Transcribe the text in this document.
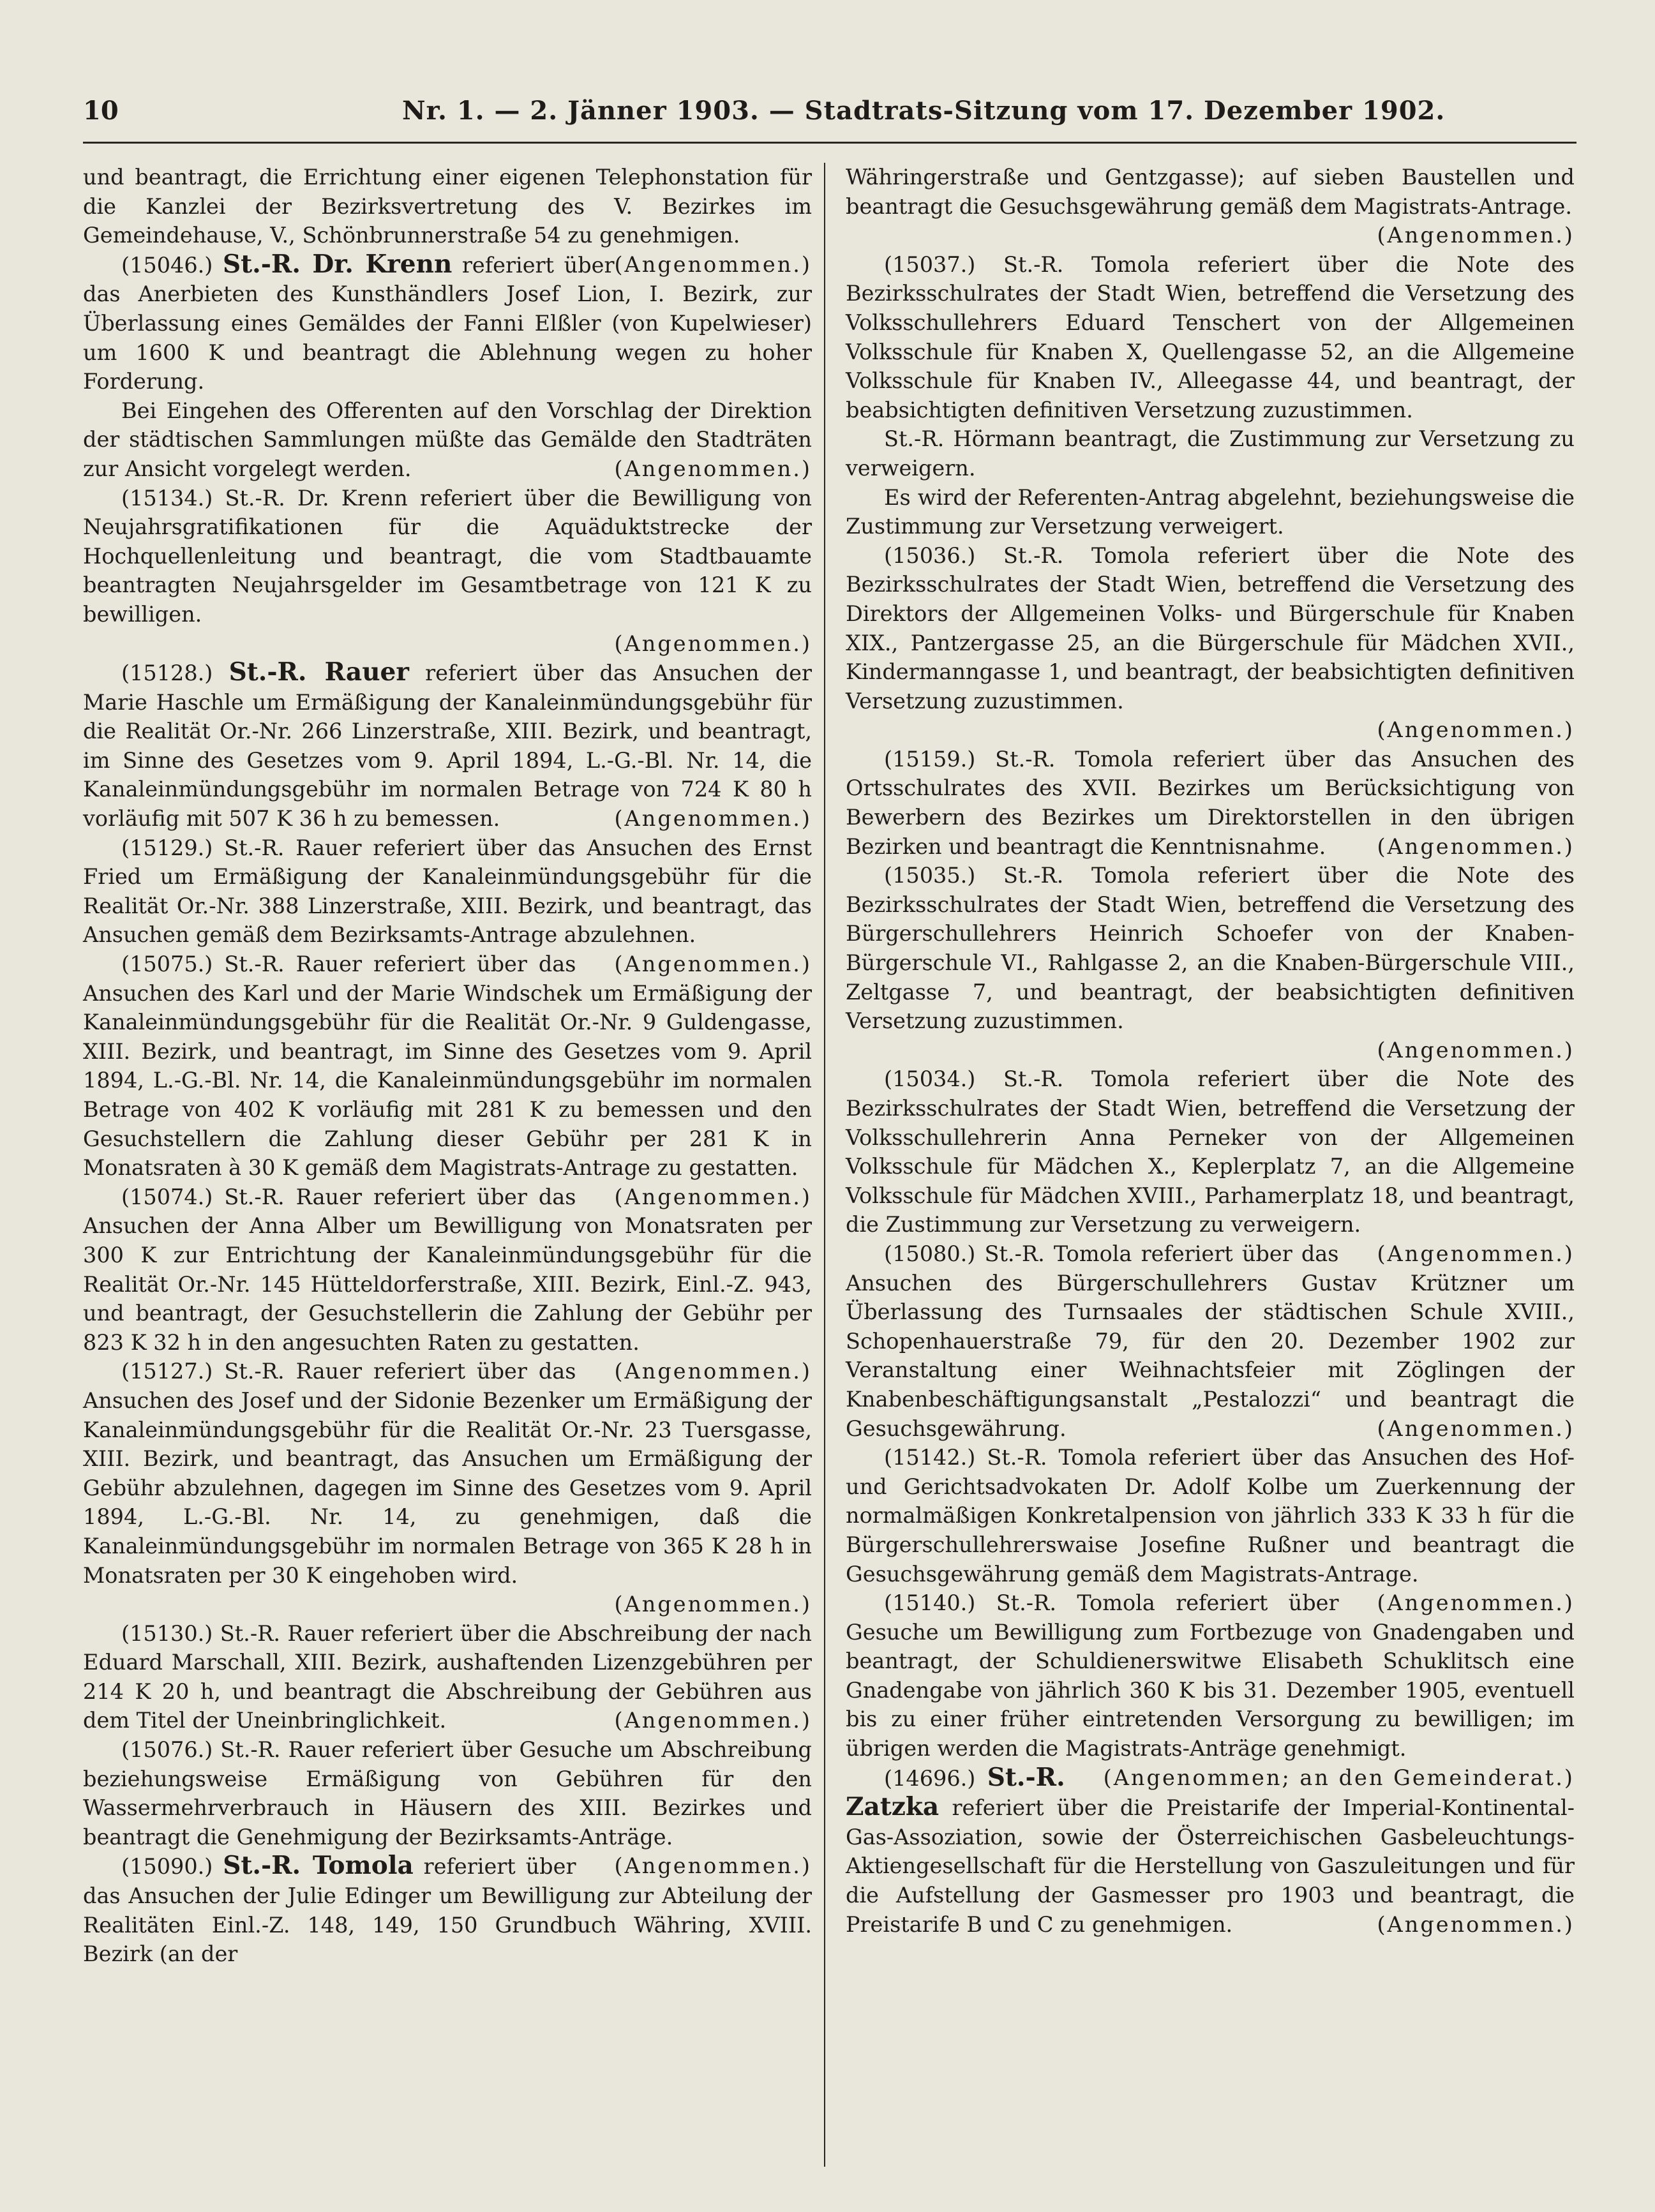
10	Nr. 1. — 2. Jänner 1903. — Stadtrats-Sitzung vom 17. Dezember 1902.

und beantragt, die Errichtung einer eigenen Telephonstation für die Kanzlei der Bezirksvertretung des V. Bezirkes im Gemeindehause, V., Schönbrunnerstraße 54 zu genehmigen.
(Angenommen.)

(15046.) St.-R. Dr. Krenn referiert über das Anerbieten des Kunsthändlers Josef Lion, I. Bezirk, zur Überlassung eines Gemäldes der Fanni Elßler (von Kupelwieser) um 1600 K und beantragt die Ablehnung wegen zu hoher Forderung.

Bei Eingehen des Offerenten auf den Vorschlag der Direktion der städtischen Sammlungen müßte das Gemälde den Stadträten zur Ansicht vorgelegt werden.	(Angenommen.)

(15134.) St.-R. Dr. Krenn referiert über die Bewilligung von Neujahrsgratifikationen für die Aquäduktstrecke der Hochquellenleitung und beantragt, die vom Stadtbauamte beantragten Neujahrsgelder im Gesamtbetrage von 121 K zu bewilligen.

(Angenommen.)

(15128.) St.-R. Rauer referiert über das Ansuchen der Marie Haschle um Ermäßigung der Kanaleinmündungsgebühr für die Realität Or.-Nr. 266 Linzerstraße, XIII. Bezirk, und beantragt, im Sinne des Gesetzes vom 9. April 1894, L.-G.-Bl. Nr. 14, die Kanaleinmündungsgebühr im normalen Betrage von 724 K 80 h vorläufig mit 507 K 36 h zu bemessen.	(Angenommen.)

(15129.) St.-R. Rauer referiert über das Ansuchen des Ernst Fried um Ermäßigung der Kanaleinmündungsgebühr für die Realität Or.-Nr. 388 Linzerstraße, XIII. Bezirk, und beantragt, das Ansuchen gemäß dem Bezirksamts-Antrage abzulehnen.
(Angenommen.)

(15075.) St.-R. Rauer referiert über das Ansuchen des Karl und der Marie Windschek um Ermäßigung der Kanaleinmündungsgebühr für die Realität Or.-Nr. 9 Guldengasse, XIII. Bezirk, und beantragt, im Sinne des Gesetzes vom 9. April 1894, L.-G.-Bl. Nr. 14, die Kanaleinmündungsgebühr im normalen Betrage von 402 K vorläufig mit 281 K zu bemessen und den Gesuchstellern die Zahlung dieser Gebühr per 281 K in Monatsraten à 30 K gemäß dem Magistrats-Antrage zu gestatten.
(Angenommen.)

(15074.) St.-R. Rauer referiert über das Ansuchen der Anna Alber um Bewilligung von Monatsraten per 300 K zur Entrichtung der Kanaleinmündungsgebühr für die Realität Or.-Nr. 145 Hütteldorferstraße, XIII. Bezirk, Einl.-Z. 943, und beantragt, der Gesuchstellerin die Zahlung der Gebühr per 823 K 32 h in den angesuchten Raten zu gestatten.
(Angenommen.)

(15127.) St.-R. Rauer referiert über das Ansuchen des Josef und der Sidonie Bezenker um Ermäßigung der Kanaleinmündungsgebühr für die Realität Or.-Nr. 23 Tuersgasse, XIII. Bezirk, und beantragt, das Ansuchen um Ermäßigung der Gebühr abzulehnen, dagegen im Sinne des Gesetzes vom 9. April 1894, L.-G.-Bl. Nr. 14, zu genehmigen, daß die Kanaleinmündungsgebühr im normalen Betrage von 365 K 28 h in Monatsraten per 30 K eingehoben wird.

(Angenommen.)

(15130.) St.-R. Rauer referiert über die Abschreibung der nach Eduard Marschall, XIII. Bezirk, aushaftenden Lizenzgebühren per 214 K 20 h, und beantragt die Abschreibung der Gebühren aus dem Titel der Uneinbringlichkeit.	(Angenommen.)

(15076.) St.-R. Rauer referiert über Gesuche um Abschreibung beziehungsweise Ermäßigung von Gebühren für den Wassermehrverbrauch in Häusern des XIII. Bezirkes und beantragt die Genehmigung der Bezirksamts-Anträge.
(Angenommen.)

(15090.) St.-R. Tomola referiert über das Ansuchen der Julie Edinger um Bewilligung zur Abteilung der Realitäten Einl.-Z. 148, 149, 150 Grundbuch Währing, XVIII. Bezirk (an der

Währingerstraße und Gentzgasse); auf sieben Baustellen und beantragt die Gesuchsgewährung gemäß dem Magistrats-Antrage.

(Angenommen.)

(15037.) St.-R. Tomola referiert über die Note des Bezirksschulrates der Stadt Wien, betreffend die Versetzung des Volksschullehrers Eduard Tenschert von der Allgemeinen Volksschule für Knaben X, Quellengasse 52, an die Allgemeine Volksschule für Knaben IV., Alleegasse 44, und beantragt, der beabsichtigten definitiven Versetzung zuzustimmen.

St.-R. Hörmann beantragt, die Zustimmung zur Versetzung zu verweigern.

Es wird der Referenten-Antrag abgelehnt, beziehungsweise die Zustimmung zur Versetzung verweigert.

(15036.) St.-R. Tomola referiert über die Note des Bezirksschulrates der Stadt Wien, betreffend die Versetzung des Direktors der Allgemeinen Volks- und Bürgerschule für Knaben XIX., Pantzergasse 25, an die Bürgerschule für Mädchen XVII., Kindermanngasse 1, und beantragt, der beabsichtigten definitiven Versetzung zuzustimmen.

(Angenommen.)

(15159.) St.-R. Tomola referiert über das Ansuchen des Ortsschulrates des XVII. Bezirkes um Berücksichtigung von Bewerbern des Bezirkes um Direktorstellen in den übrigen Bezirken und beantragt die Kenntnisnahme.	(Angenommen.)

(15035.) St.-R. Tomola referiert über die Note des Bezirksschulrates der Stadt Wien, betreffend die Versetzung des Bürgerschullehrers Heinrich Schoefer von der Knaben-Bürgerschule VI., Rahlgasse 2, an die Knaben-Bürgerschule VIII., Zeltgasse 7, und beantragt, der beabsichtigten definitiven Versetzung zuzustimmen.

(Angenommen.)

(15034.) St.-R. Tomola referiert über die Note des Bezirksschulrates der Stadt Wien, betreffend die Versetzung der Volksschullehrerin Anna Perneker von der Allgemeinen Volksschule für Mädchen X., Keplerplatz 7, an die Allgemeine Volksschule für Mädchen XVIII., Parhamerplatz 18, und beantragt, die Zustimmung zur Versetzung zu verweigern.
(Angenommen.)

(15080.) St.-R. Tomola referiert über das Ansuchen des Bürgerschullehrers Gustav Krützner um Überlassung des Turnsaales der städtischen Schule XVIII., Schopenhauerstraße 79, für den 20. Dezember 1902 zur Veranstaltung einer Weihnachtsfeier mit Zöglingen der Knabenbeschäftigungsanstalt „Pestalozzi“ und beantragt die Gesuchsgewährung.	(Angenommen.)

(15142.) St.-R. Tomola referiert über das Ansuchen des Hof- und Gerichtsadvokaten Dr. Adolf Kolbe um Zuerkennung der normalmäßigen Konkretalpension von jährlich 333 K 33 h für die Bürgerschullehrerswaise Josefine Rußner und beantragt die Gesuchsgewährung gemäß dem Magistrats-Antrage.
(Angenommen.)

(15140.) St.-R. Tomola referiert über Gesuche um Bewilligung zum Fortbezuge von Gnadengaben und beantragt, der Schuldienerswitwe Elisabeth Schuklitsch eine Gnadengabe von jährlich 360 K bis 31. Dezember 1905, eventuell bis zu einer früher eintretenden Versorgung zu bewilligen; im übrigen werden die Magistrats-Anträge genehmigt.
(Angenommen; an den Gemeinderat.)

(14696.) St.-R. Zatzka referiert über die Preistarife der Imperial-Kontinental-Gas-Assoziation, sowie der Österreichischen Gasbeleuchtungs-Aktiengesellschaft für die Herstellung von Gaszuleitungen und für die Aufstellung der Gasmesser pro 1903 und beantragt, die Preistarife B und C zu genehmigen.	(Angenommen.)
